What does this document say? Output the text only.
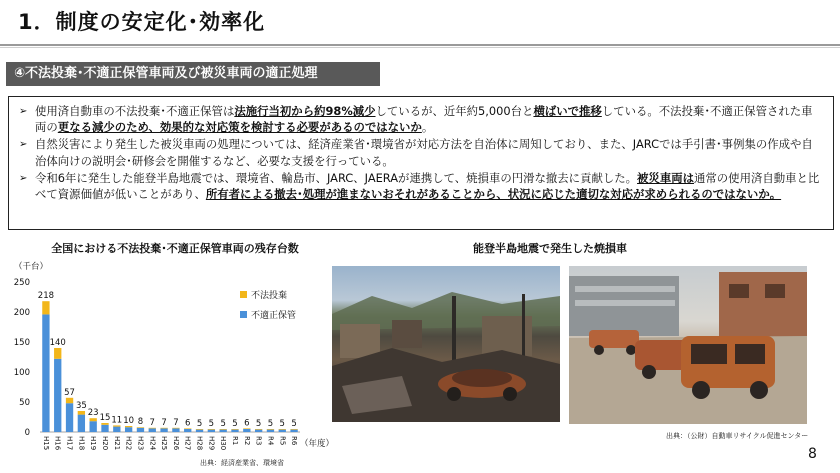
1．制度の安定化･効率化
④不法投棄･不適正保管車両及び被災車両の適正処理
➢ 使用済自動車の不法投棄･不適正保管は法施行当初から約98%減少しているが、近年約5,000台と横ばいで推移している。不法投棄･不適正保管された車両の更なる減少のため、効果的な対応策を検討する必要があるのではないか。
➢ 自然災害により発生した被災車両の処理については、経済産業省･環境省が対応方法を自治体に周知しており、また、JARCでは手引書･事例集の作成や自治体向けの説明会･研修会を開催するなど、必要な支援を行っている。
➢ 令和6年に発生した能登半島地震では、環境省、輪島市、JARC、JAERAが連携して、焼損車の円滑な撤去に貢献した。被災車両は通常の使用済自動車と比べて資源価値が低いことがあり、所有者による撤去･処理が進まないおそれがあることから、状況に応じた適切な対応が求められるのではないか。
全国における不法投棄･不適正保管車両の残存台数	能登半島地震で発生した焼損車
（千台）
0
50
100
150
200
250
218
H15
140
H16
57
H17
35
H18
23
H19
15
H20
11
H21
10
H22
8
H23
7
H24
7
H25
7
H26
6
H27
5
H28
5
H29
5
H30
5
R1
6
R2
5
R3
5
R4
5
R5
5
R6
不法投棄
不適正保管
（年度）
出典：経済産業省、環境省
出典：（公財）自動車リサイクル促進センター
8
